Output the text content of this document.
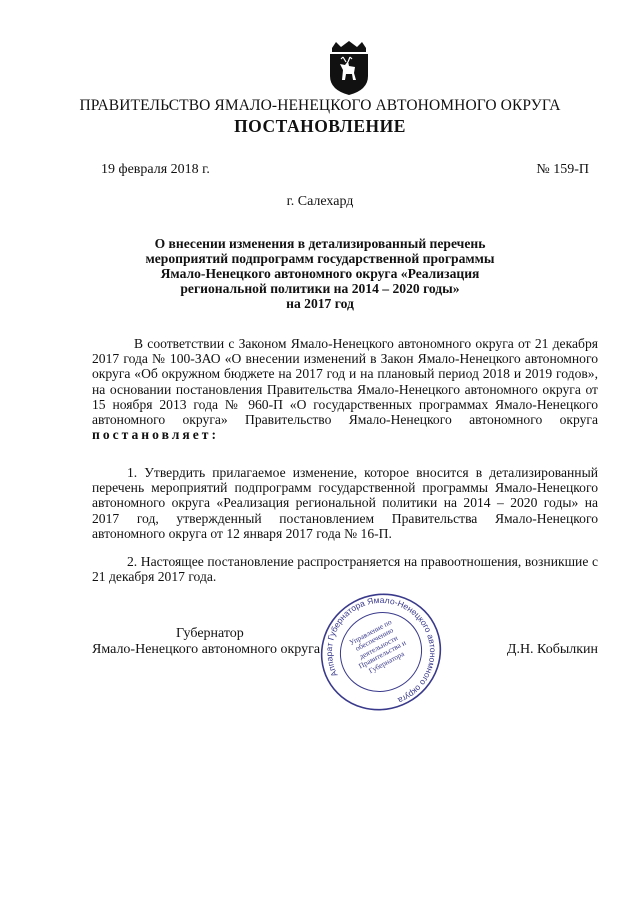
ПРАВИТЕЛЬСТВО ЯМАЛО-НЕНЕЦКОГО АВТОНОМНОГО ОКРУГА
ПОСТАНОВЛЕНИЕ
19 февраля 2018 г.	№ 159-П
г. Салехард
О внесении изменения в детализированный перечень
мероприятий подпрограмм государственной программы
Ямало-Ненецкого автономного округа «Реализация
региональной политики на 2014 – 2020 годы»
на 2017 год

В соответствии с Законом Ямало-Ненецкого автономного округа от 21 декабря 2017 года № 100-ЗАО «О внесении изменений в Закон Ямало-Ненецкого автономного округа «Об окружном бюджете на 2017 год и на плановый период 2018 и 2019 годов», на основании постановления Правительства Ямало-Ненецкого автономного округа от 15 ноября 2013 года № 960-П «О государственных программах Ямало-Ненецкого автономного округа» Правительство Ямало-Ненецкого автономного округа постановляет:

1. Утвердить прилагаемое изменение, которое вносится в детализированный перечень мероприятий подпрограмм государственной программы Ямало-Ненецкого автономного округа «Реализация региональной политики на 2014 – 2020 годы» на 2017 год, утвержденный постановлением Правительства Ямало-Ненецкого автономного округа от 12 января 2017 года № 16-П.

2. Настоящее постановление распространяется на правоотношения, возникшие с 21 декабря 2017 года.

Губернатор
Ямало-Ненецкого автономного округа	Д.Н. Кобылкин
Аппарат Губернатора Ямало-Ненецкого автономного округа
Управление по обеспечению деятельности Правительства и Губернатора
